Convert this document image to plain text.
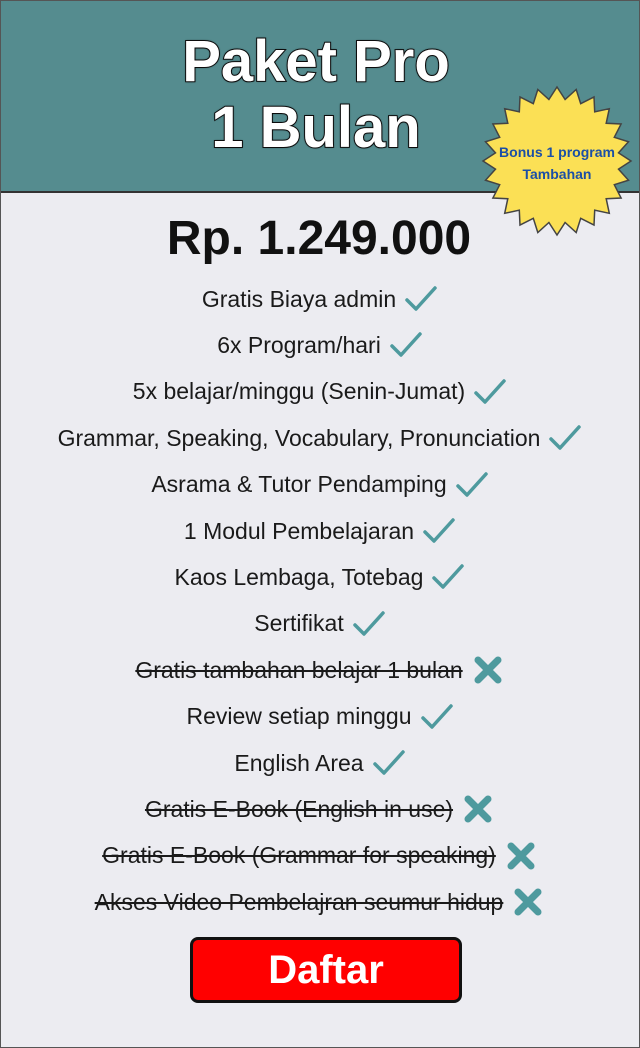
Paket Pro
1 Bulan	Bonus 1 program
Tambahan
Rp. 1.249.000
Gratis Biaya admin
6x Program/hari
5x belajar/minggu (Senin-Jumat)
Grammar, Speaking, Vocabulary, Pronunciation
Asrama & Tutor Pendamping
1 Modul Pembelajaran
Kaos Lembaga, Totebag
Sertifikat
Gratis tambahan belajar 1 bulan
Review setiap minggu
English Area
Gratis E-Book (English in use)
Gratis E-Book (Grammar for speaking)
Akses Video Pembelajran seumur hidup
Daftar
